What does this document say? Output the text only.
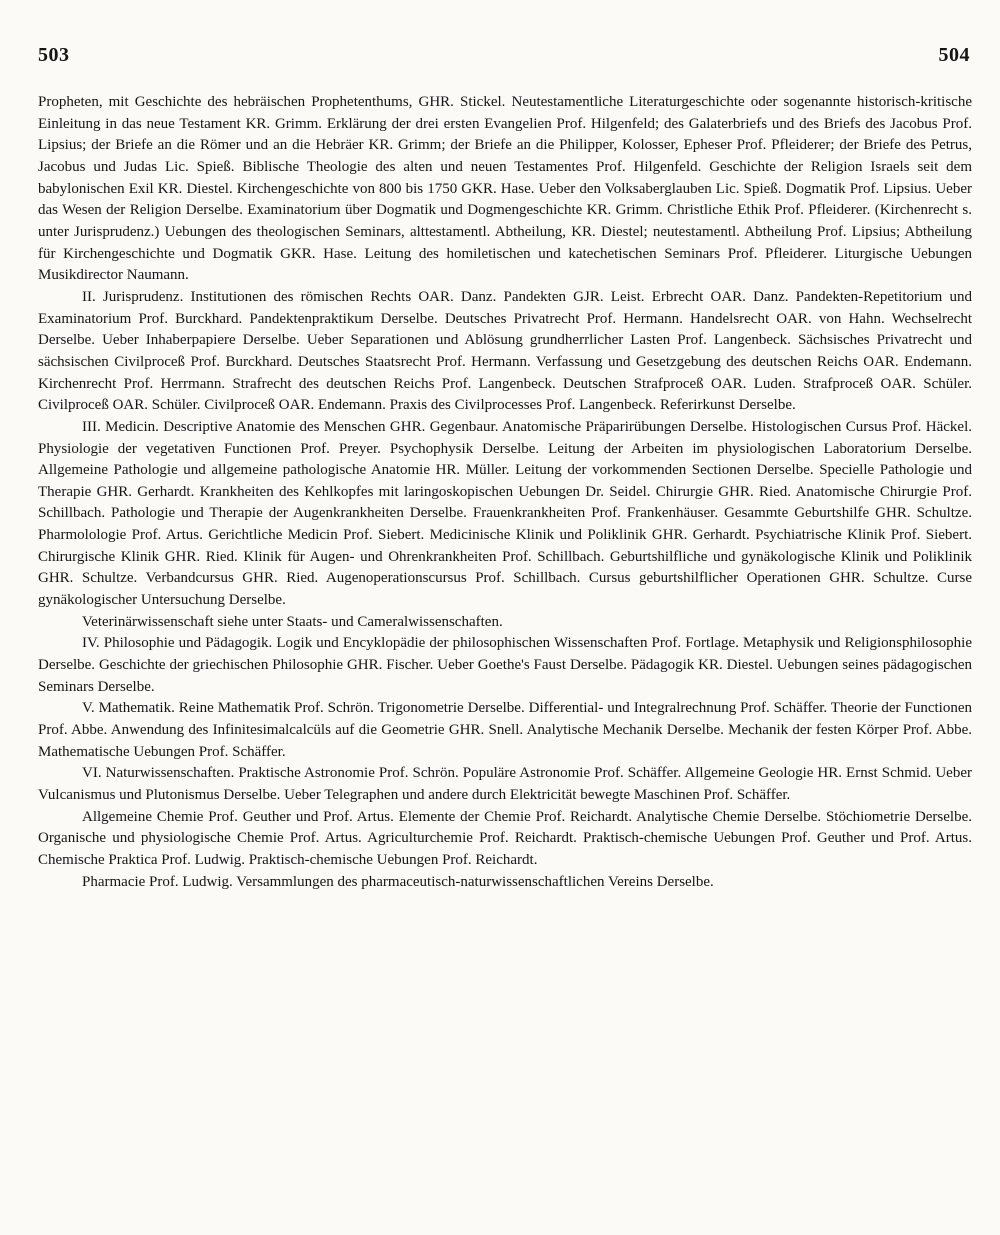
503	504

Propheten, mit Geschichte des hebräischen Prophetenthums, GHR. Stickel. Neutestamentliche Literaturgeschichte oder sogenannte historisch-kritische Einleitung in das neue Testament KR. Grimm. Erklärung der drei ersten Evangelien Prof. Hilgenfeld; des Galaterbriefs und des Briefs des Jacobus Prof. Lipsius; der Briefe an die Römer und an die Hebräer KR. Grimm; der Briefe an die Philipper, Kolosser, Epheser Prof. Pfleiderer; der Briefe des Petrus, Jacobus und Judas Lic. Spieß. Biblische Theologie des alten und neuen Testamentes Prof. Hilgenfeld. Geschichte der Religion Israels seit dem babylonischen Exil KR. Diestel. Kirchengeschichte von 800 bis 1750 GKR. Hase. Ueber den Volksaberglauben Lic. Spieß. Dogmatik Prof. Lipsius. Ueber das Wesen der Religion Derselbe. Examinatorium über Dogmatik und Dogmengeschichte KR. Grimm. Christliche Ethik Prof. Pfleiderer. (Kirchenrecht s. unter Jurisprudenz.) Uebungen des theologischen Seminars, alttestamentl. Abtheilung, KR. Diestel; neutestamentl. Abtheilung Prof. Lipsius; Abtheilung für Kirchengeschichte und Dogmatik GKR. Hase. Leitung des homiletischen und katechetischen Seminars Prof. Pfleiderer. Liturgische Uebungen Musikdirector Naumann.

II. Jurisprudenz. Institutionen des römischen Rechts OAR. Danz. Pandekten GJR. Leist. Erbrecht OAR. Danz. Pandekten-Repetitorium und Examinatorium Prof. Burckhard. Pandektenpraktikum Derselbe. Deutsches Privatrecht Prof. Hermann. Handelsrecht OAR. von Hahn. Wechselrecht Derselbe. Ueber Inhaberpapiere Derselbe. Ueber Separationen und Ablösung grundherrlicher Lasten Prof. Langenbeck. Sächsisches Privatrecht und sächsischen Civilproceß Prof. Burckhard. Deutsches Staatsrecht Prof. Hermann. Verfassung und Gesetzgebung des deutschen Reichs OAR. Endemann. Kirchenrecht Prof. Herrmann. Strafrecht des deutschen Reichs Prof. Langenbeck. Deutschen Strafproceß OAR. Luden. Strafproceß OAR. Schüler. Civilproceß OAR. Schüler. Civilproceß OAR. Endemann. Praxis des Civilprocesses Prof. Langenbeck. Referirkunst Derselbe.

III. Medicin. Descriptive Anatomie des Menschen GHR. Gegenbaur. Anatomische Präparirübungen Derselbe. Histologischen Cursus Prof. Häckel. Physiologie der vegetativen Functionen Prof. Preyer. Psychophysik Derselbe. Leitung der Arbeiten im physiologischen Laboratorium Derselbe. Allgemeine Pathologie und allgemeine pathologische Anatomie HR. Müller. Leitung der vorkommenden Sectionen Derselbe. Specielle Pathologie und Therapie GHR. Gerhardt. Krankheiten des Kehlkopfes mit laringoskopischen Uebungen Dr. Seidel. Chirurgie GHR. Ried. Anatomische Chirurgie Prof. Schillbach. Pathologie und Therapie der Augenkrankheiten Derselbe. Frauenkrankheiten Prof. Frankenhäuser. Gesammte Geburtshilfe GHR. Schultze. Pharmolologie Prof. Artus. Gerichtliche Medicin Prof. Siebert. Medicinische Klinik und Poliklinik GHR. Gerhardt. Psychiatrische Klinik Prof. Siebert. Chirurgische Klinik GHR. Ried. Klinik für Augen- und Ohrenkrankheiten Prof. Schillbach. Geburtshilfliche und gynäkologische Klinik und Poliklinik GHR. Schultze. Verbandcursus GHR. Ried. Augenoperationscursus Prof. Schillbach. Cursus geburtshilflicher Operationen GHR. Schultze. Curse gynäkologischer Untersuchung Derselbe.

Veterinärwissenschaft siehe unter Staats- und Cameralwissenschaften.

IV. Philosophie und Pädagogik. Logik und Encyklopädie der philosophischen Wissenschaften Prof. Fortlage. Metaphysik und Religionsphilosophie Derselbe. Geschichte der griechischen Philosophie GHR. Fischer. Ueber Goethe's Faust Derselbe. Pädagogik KR. Diestel. Uebungen seines pädagogischen Seminars Derselbe.

V. Mathematik. Reine Mathematik Prof. Schrön. Trigonometrie Derselbe. Differential- und Integralrechnung Prof. Schäffer. Theorie der Functionen Prof. Abbe. Anwendung des Infinitesimalcalcüls auf die Geometrie GHR. Snell. Analytische Mechanik Derselbe. Mechanik der festen Körper Prof. Abbe. Mathematische Uebungen Prof. Schäffer.

VI. Naturwissenschaften. Praktische Astronomie Prof. Schrön. Populäre Astronomie Prof. Schäffer. Allgemeine Geologie HR. Ernst Schmid. Ueber Vulcanismus und Plutonismus Derselbe. Ueber Telegraphen und andere durch Elektricität bewegte Maschinen Prof. Schäffer.

Allgemeine Chemie Prof. Geuther und Prof. Artus. Elemente der Chemie Prof. Reichardt. Analytische Chemie Derselbe. Stöchiometrie Derselbe. Organische und physiologische Chemie Prof. Artus. Agriculturchemie Prof. Reichardt. Praktisch-chemische Uebungen Prof. Geuther und Prof. Artus. Chemische Praktica Prof. Ludwig. Praktisch-chemische Uebungen Prof. Reichardt.

Pharmacie Prof. Ludwig. Versammlungen des pharmaceutisch-naturwissenschaftlichen Vereins Derselbe.
